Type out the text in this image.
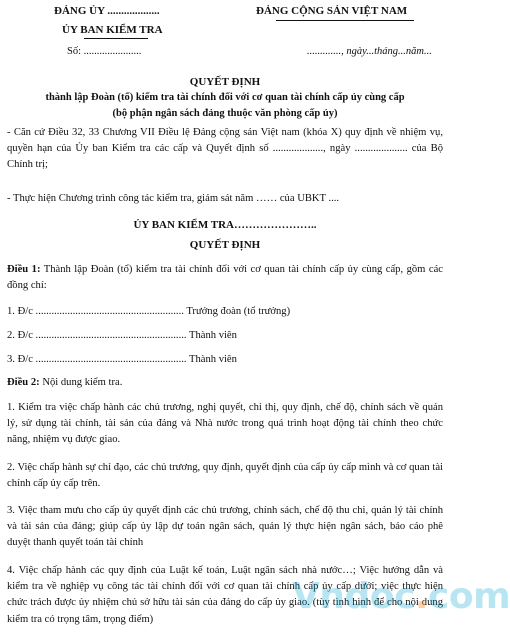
ĐẢNG ỦY ...................	ĐẢNG CỘNG SẢN VIỆT NAM
ỦY BAN KIỂM TRA
Số: ......................	............., ngày...tháng...năm...
QUYẾT ĐỊNH
thành lập Đoàn (tổ) kiểm tra tài chính đối với cơ quan tài chính cấp ủy cùng cấp
(bộ phận ngân sách đảng thuộc văn phòng cấp ủy)
- Căn cứ Điều 32, 33 Chương VII Điều lệ Đảng cộng sản Việt nam (khóa X) quy định về nhiệm vụ, quyền hạn của Ủy ban Kiểm tra các cấp và Quyết định số ..................., ngày .................... của Bộ Chính trị;
- Thực hiện Chương trình công tác kiểm tra, giám sát năm …… của UBKT ....
ỦY BAN KIỂM TRA…………………..
QUYẾT ĐỊNH
Điều 1: Thành lập Đoàn (tổ) kiểm tra tài chính đối với cơ quan tài chính cấp ủy cùng cấp, gồm các đồng chí:
1. Đ/c ........................................................ Trưởng đoàn (tổ trưởng)
2. Đ/c ......................................................... Thành viên
3. Đ/c ......................................................... Thành viên
Điều 2: Nội dung kiểm tra.
1. Kiểm tra việc chấp hành các chủ trương, nghị quyết, chỉ thị, quy định, chế độ, chính sách về quản lý, sử dụng tài chính, tài sản của đảng và Nhà nước trong quá trình hoạt động tài chính theo chức năng, nhiệm vụ được giao.
2. Việc chấp hành sự chỉ đạo, các chủ trương, quy định, quyết định của cấp ủy cấp mình và cơ quan tài chính cấp ủy cấp trên.
3. Việc tham mưu cho cấp ủy quyết định các chủ trương, chính sách, chế độ thu chi, quản lý tài chính và tài sản của đảng; giúp cấp ủy lập dự toán ngân sách, quản lý thực hiện ngân sách, báo cáo phê duyệt thanh quyết toán tài chính
4. Việc chấp hành các quy định của Luật kế toán, Luật ngân sách nhà nước…; Việc hướng dẫn và kiểm tra về nghiệp vụ công tác tài chính đối với cơ quan tài chính cấp ủy cấp dưới; việc thực hiện chức trách được ủy nhiệm chủ sở hữu tài sản của đảng do cấp ủy giao. (tùy tình hình để cho nội dung kiểm tra có trọng tâm, trọng điểm)
Vndoc.com
